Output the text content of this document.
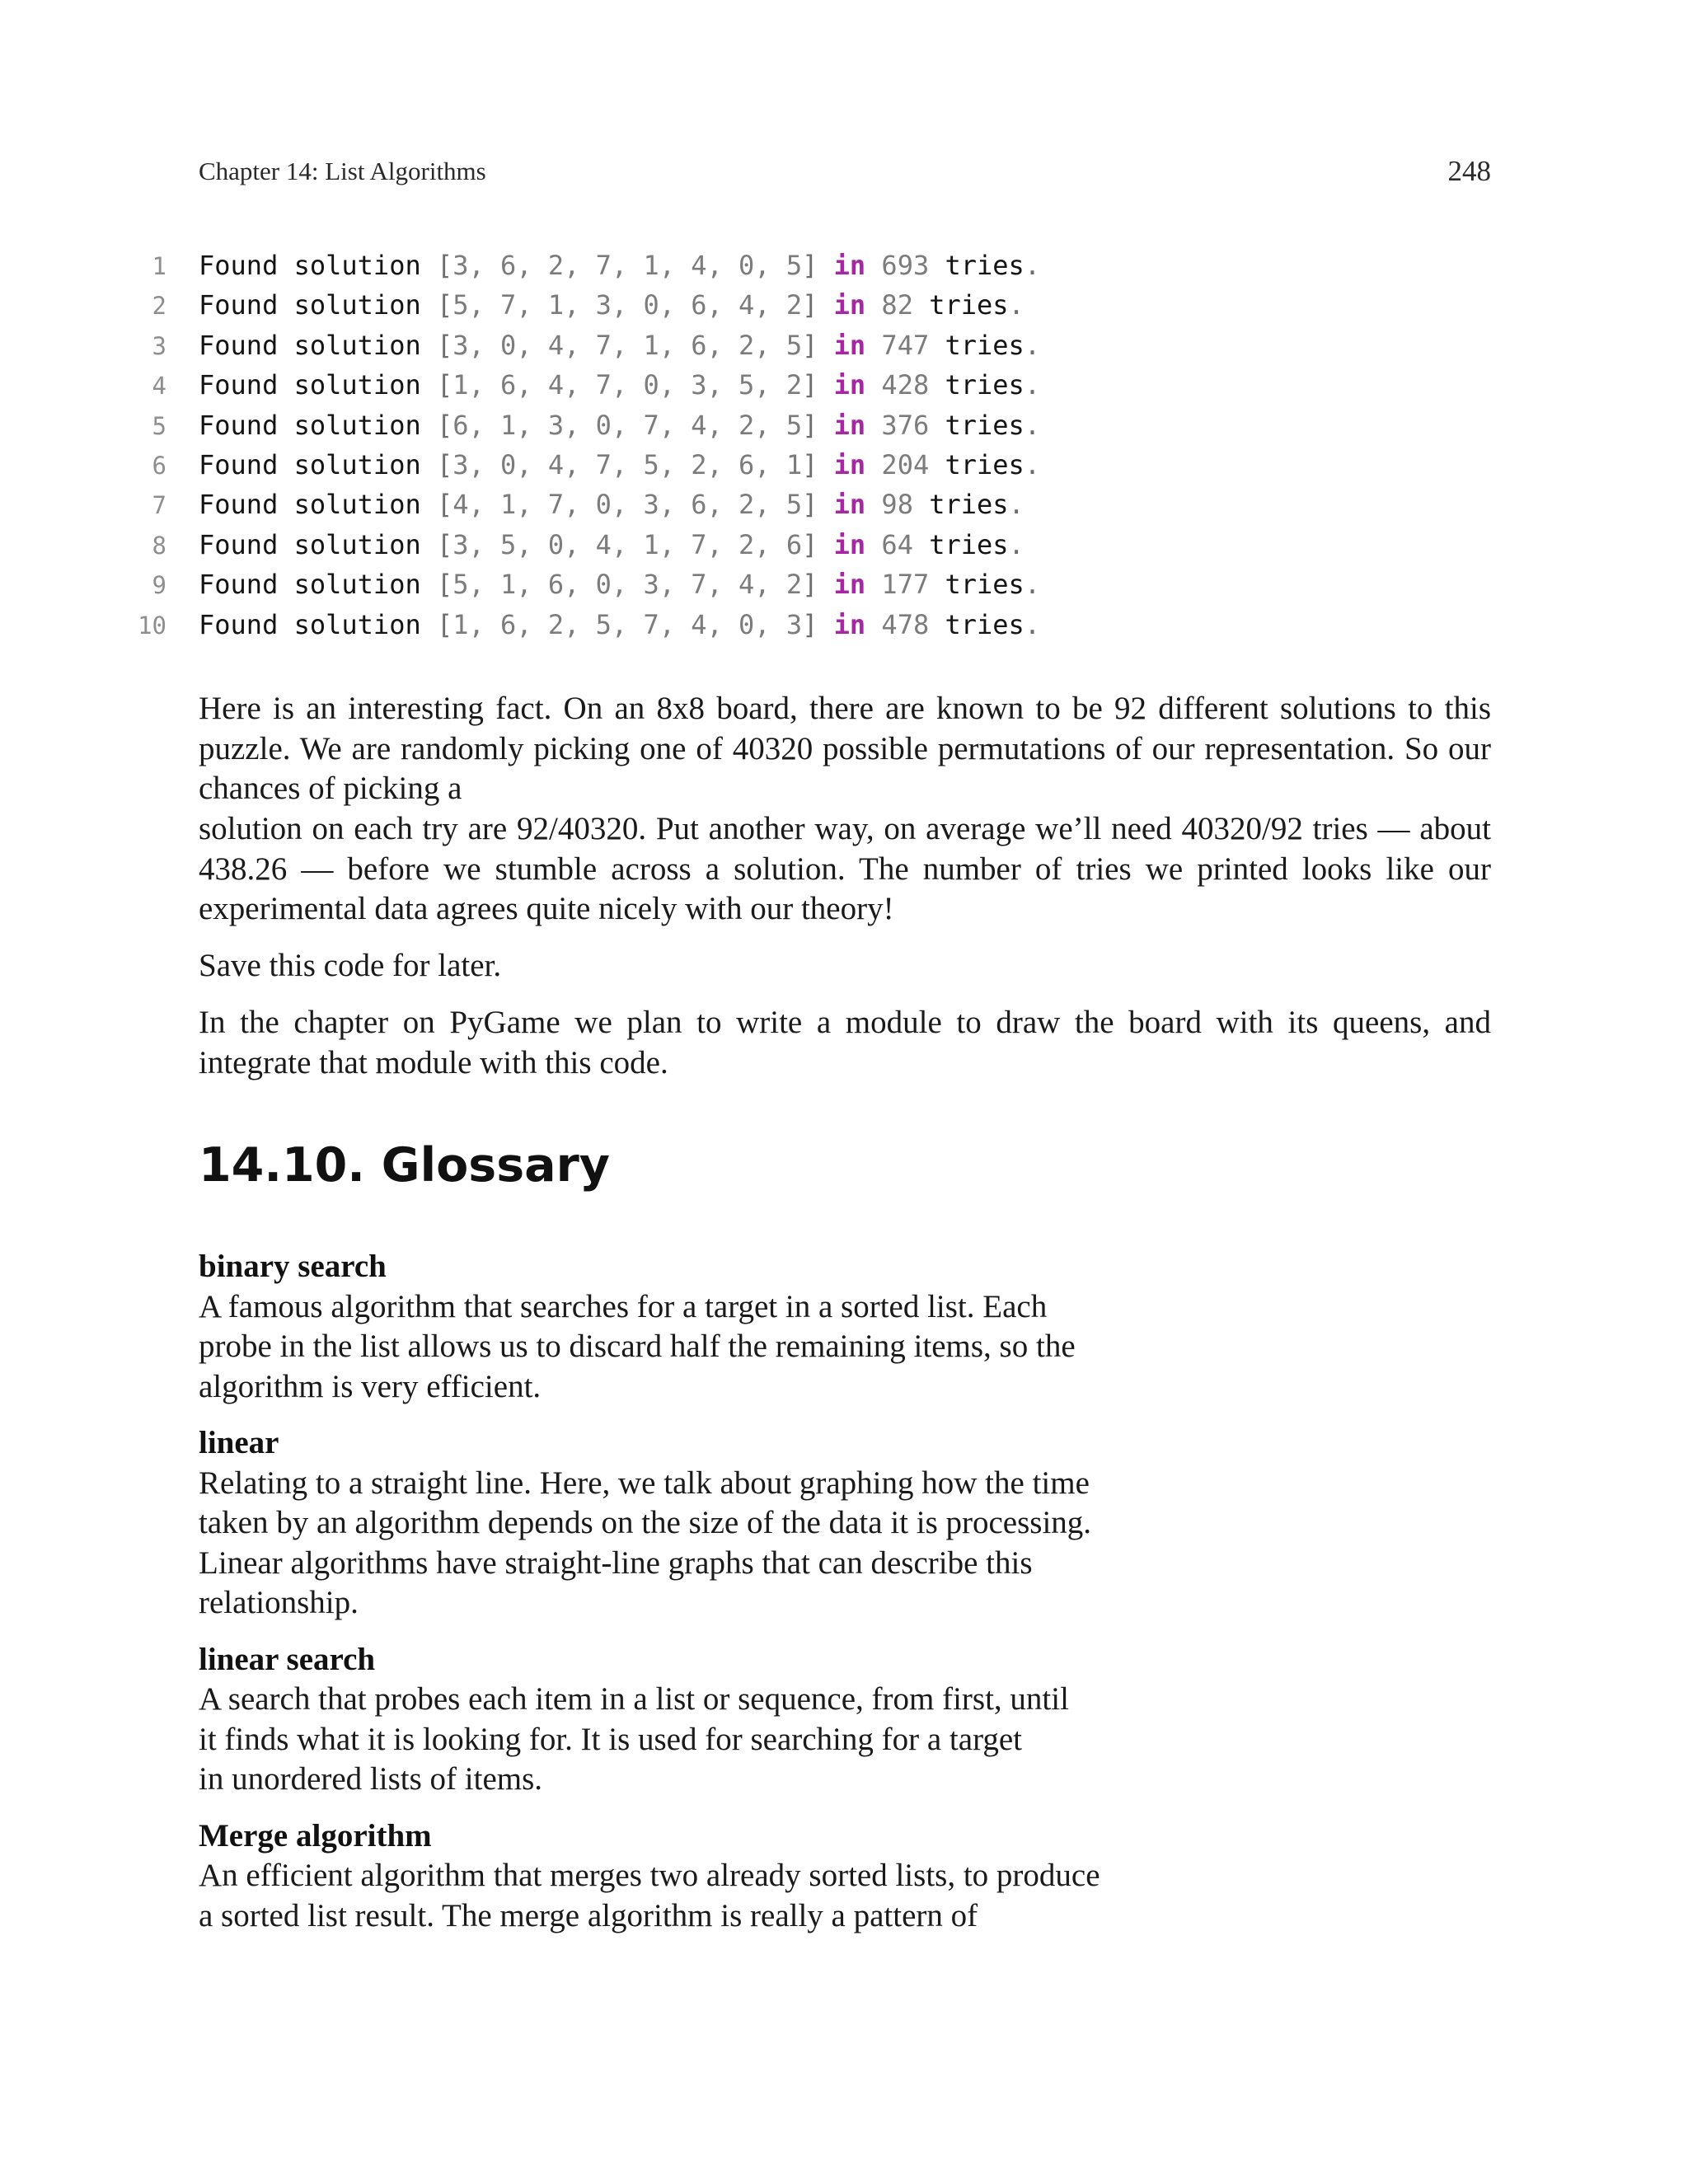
Chapter 14: List Algorithms	248
1 Found solution [3, 6, 2, 7, 1, 4, 0, 5] in 693 tries.
2 Found solution [5, 7, 1, 3, 0, 6, 4, 2] in 82 tries.
3 Found solution [3, 0, 4, 7, 1, 6, 2, 5] in 747 tries.
4 Found solution [1, 6, 4, 7, 0, 3, 5, 2] in 428 tries.
5 Found solution [6, 1, 3, 0, 7, 4, 2, 5] in 376 tries.
6 Found solution [3, 0, 4, 7, 5, 2, 6, 1] in 204 tries.
7 Found solution [4, 1, 7, 0, 3, 6, 2, 5] in 98 tries.
8 Found solution [3, 5, 0, 4, 1, 7, 2, 6] in 64 tries.
9 Found solution [5, 1, 6, 0, 3, 7, 4, 2] in 177 tries.
10 Found solution [1, 6, 2, 5, 7, 4, 0, 3] in 478 tries.

Here is an interesting fact. On an 8x8 board, there are known to be 92 different solutions to this puzzle. We are randomly picking one of 40320 possible permutations of our representation. So our chances of picking a

solution on each try are 92/40320. Put another way, on average we’ll need 40320/92 tries — about 438.26 — before we stumble across a solution. The number of tries we printed looks like our experimental data agrees quite nicely with our theory!

Save this code for later.

In the chapter on PyGame we plan to write a module to draw the board with its queens, and integrate that module with this code.

14.10. Glossary
binary search
A famous algorithm that searches for a target in a sorted list. Each
probe in the list allows us to discard half the remaining items, so the
algorithm is very efficient.
linear
Relating to a straight line. Here, we talk about graphing how the time
taken by an algorithm depends on the size of the data it is processing.
Linear algorithms have straight-line graphs that can describe this
relationship.
linear search
A search that probes each item in a list or sequence, from first, until
it finds what it is looking for. It is used for searching for a target
in unordered lists of items.
Merge algorithm
An efficient algorithm that merges two already sorted lists, to produce
a sorted list result. The merge algorithm is really a pattern of
